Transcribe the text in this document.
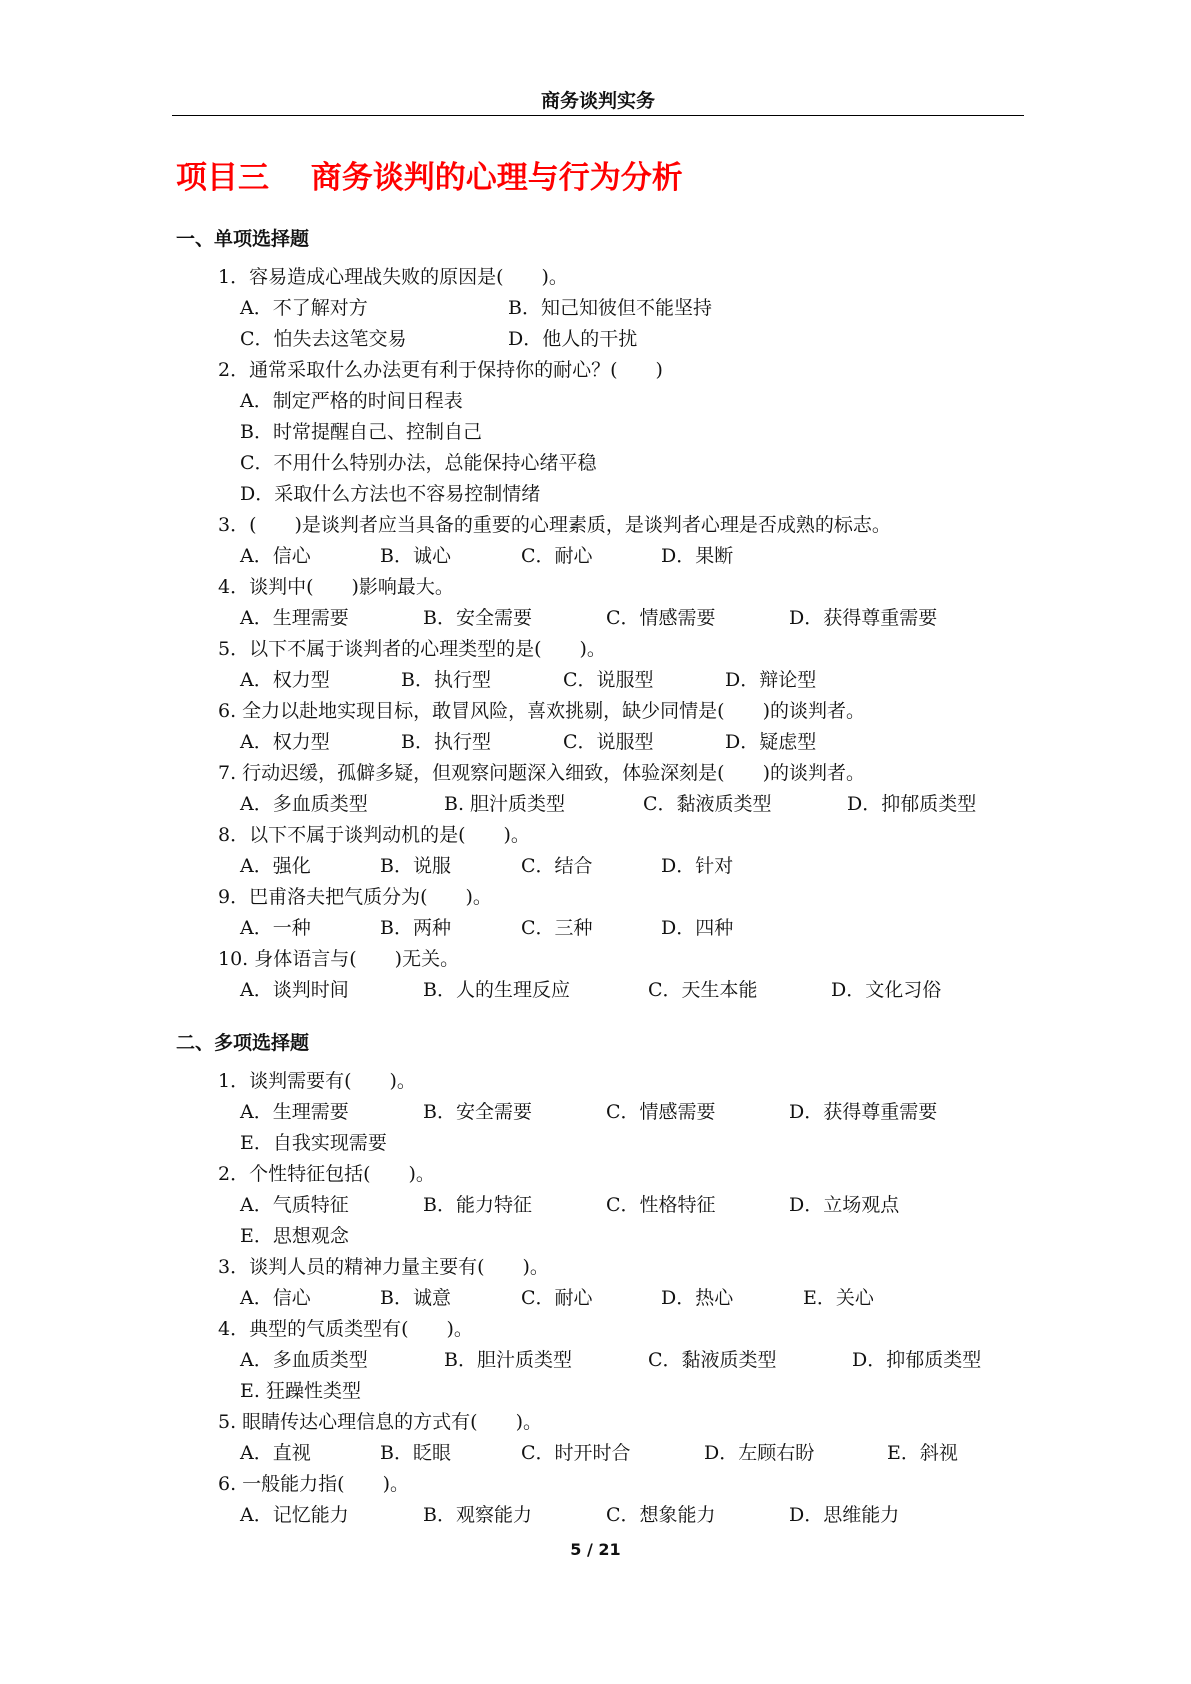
商务谈判实务
项目三　 商务谈判的心理与行为分析
一、单项选择题
1．容易造成心理战失败的原因是(　　)。
A．不了解对方	B．知己知彼但不能坚持
C．怕失去这笔交易	D．他人的干扰
2．通常采取什么办法更有利于保持你的耐心？(　　)
A．制定严格的时间日程表
B．时常提醒自己、控制自己
C．不用什么特别办法，总能保持心绪平稳
D．采取什么方法也不容易控制情绪
3．(　　)是谈判者应当具备的重要的心理素质，是谈判者心理是否成熟的标志。
A．信心	B．诚心	C．耐心	D．果断
4．谈判中(　　)影响最大。
A．生理需要	B．安全需要	C．情感需要	D．获得尊重需要
5．以下不属于谈判者的心理类型的是(　　)。
A．权力型	B．执行型	C．说服型	D．辩论型
6. 全力以赴地实现目标，敢冒风险，喜欢挑剔，缺少同情是(　　)的谈判者。
A．权力型	B．执行型	C．说服型	D．疑虑型
7. 行动迟缓，孤僻多疑，但观察问题深入细致，体验深刻是(　　)的谈判者。
A．多血质类型	B. 胆汁质类型	C．黏液质类型	D．抑郁质类型
8．以下不属于谈判动机的是(　　)。
A．强化	B．说服	C．结合	D．针对
9．巴甫洛夫把气质分为(　　)。
A．一种	B．两种	C．三种	D．四种
10. 身体语言与(　　)无关。
A．谈判时间	B．人的生理反应	C．天生本能	D．文化习俗
二、多项选择题
1．谈判需要有(　　)。
A．生理需要	B．安全需要	C．情感需要	D．获得尊重需要
E．自我实现需要
2．个性特征包括(　　)。
A．气质特征	B．能力特征	C．性格特征	D．立场观点
E．思想观念
3．谈判人员的精神力量主要有(　　)。
A．信心	B．诚意	C．耐心	D．热心	E．关心
4．典型的气质类型有(　　)。
A．多血质类型	B．胆汁质类型	C．黏液质类型	D．抑郁质类型
E. 狂躁性类型
5. 眼睛传达心理信息的方式有(　　)。
A．直视	B．眨眼	C．时开时合	D．左顾右盼	E．斜视
6. 一般能力指(　　)。
A．记忆能力	B．观察能力	C．想象能力	D．思维能力
5 / 21
